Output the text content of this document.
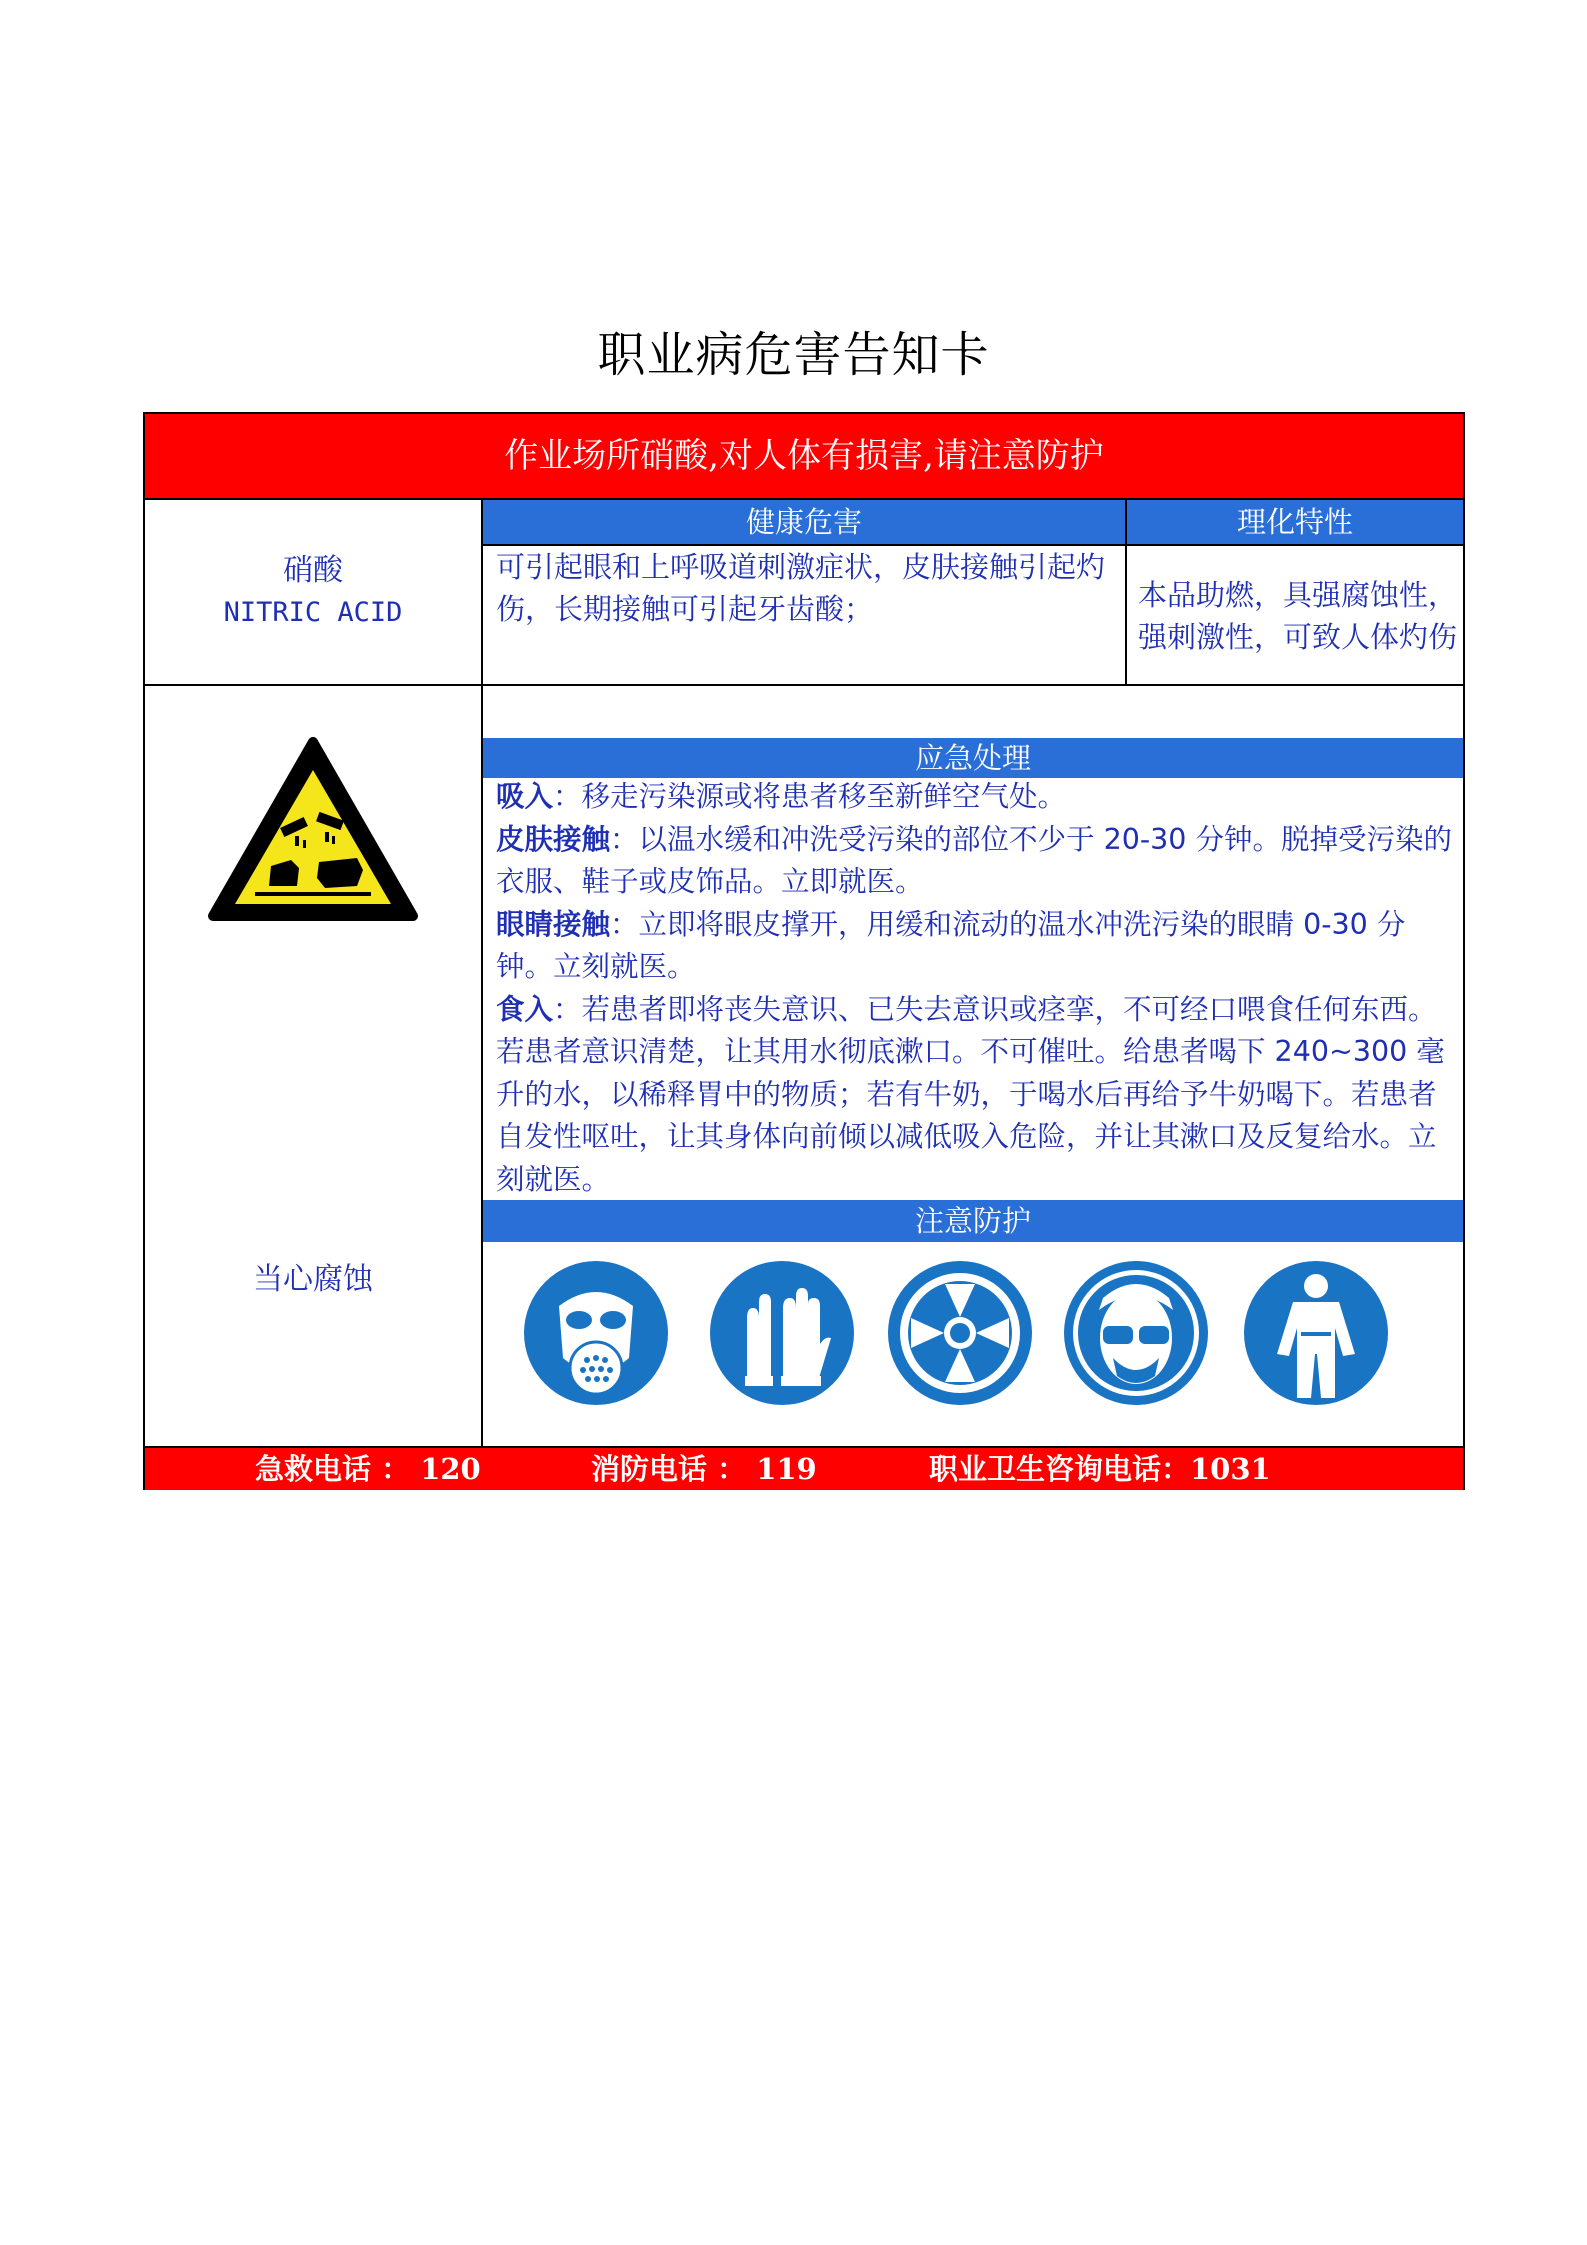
职业病危害告知卡
作业场所硝酸,对人体有损害,请注意防护
硝酸
NITRIC ACID
健康危害	理化特性
可引起眼和上呼吸道刺激症状，皮肤接触引起灼伤，长期接触可引起牙齿酸；	本品助燃，具强腐蚀性，强刺激性，可致人体灼伤
当心腐蚀
应急处理

吸入：移走污染源或将患者移至新鲜空气处。

皮肤接触：以温水缓和冲洗受污染的部位不少于 20-30 分钟。脱掉受污染的衣服、鞋子或皮饰品。立即就医。

眼睛接触：立即将眼皮撑开，用缓和流动的温水冲洗污染的眼睛 0-30 分钟。立刻就医。

食入：若患者即将丧失意识、已失去意识或痉挛，不可经口喂食任何东西。若患者意识清楚，让其用水彻底漱口。不可催吐。给患者喝下 240~300 毫升的水，以稀释胃中的物质；若有牛奶，于喝水后再给予牛奶喝下。若患者自发性呕吐，让其身体向前倾以减低吸入危险，并让其漱口及反复给水。立刻就医。

注意防护
急救电话 ： 120	消防电话 ： 119	职业卫生咨询电话：1031
